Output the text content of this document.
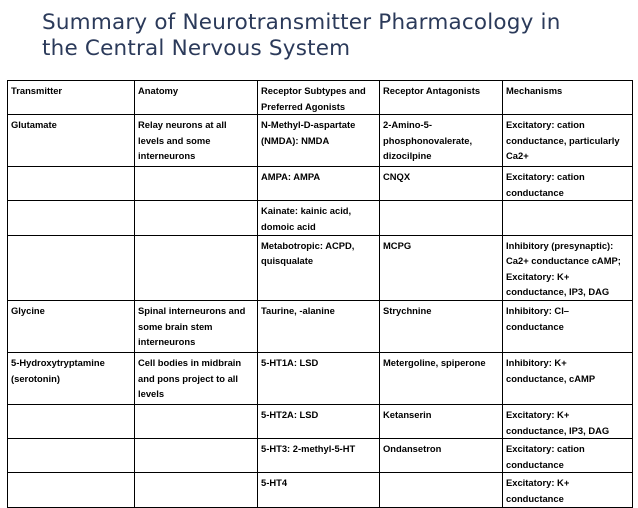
Summary of Neurotransmitter Pharmacology in
the Central Nervous System
Transmitter	Anatomy	Receptor Subtypes and Preferred Agonists	Receptor Antagonists	Mechanisms
Glutamate	Relay neurons at all levels and some interneurons	N-Methyl-D-aspartate (NMDA): NMDA	2-Amino-5-phosphonovalerate, dizocilpine	Excitatory: cation conductance, particularly Ca2+
		AMPA: AMPA	CNQX	Excitatory: cation conductance
		Kainate: kainic acid, domoic acid		
		Metabotropic: ACPD, quisqualate	MCPG	Inhibitory (presynaptic): Ca2+ conductance cAMP; Excitatory: K+ conductance, IP3, DAG
Glycine	Spinal interneurons and some brain stem interneurons	Taurine, -alanine	Strychnine	Inhibitory: Cl– conductance
5-Hydroxytryptamine (serotonin)	Cell bodies in midbrain and pons project to all levels	5-HT1A: LSD	Metergoline, spiperone	Inhibitory: K+ conductance, cAMP
		5-HT2A: LSD	Ketanserin	Excitatory: K+ conductance, IP3, DAG
		5-HT3: 2-methyl-5-HT	Ondansetron	Excitatory: cation conductance
		5-HT4		Excitatory: K+ conductance
